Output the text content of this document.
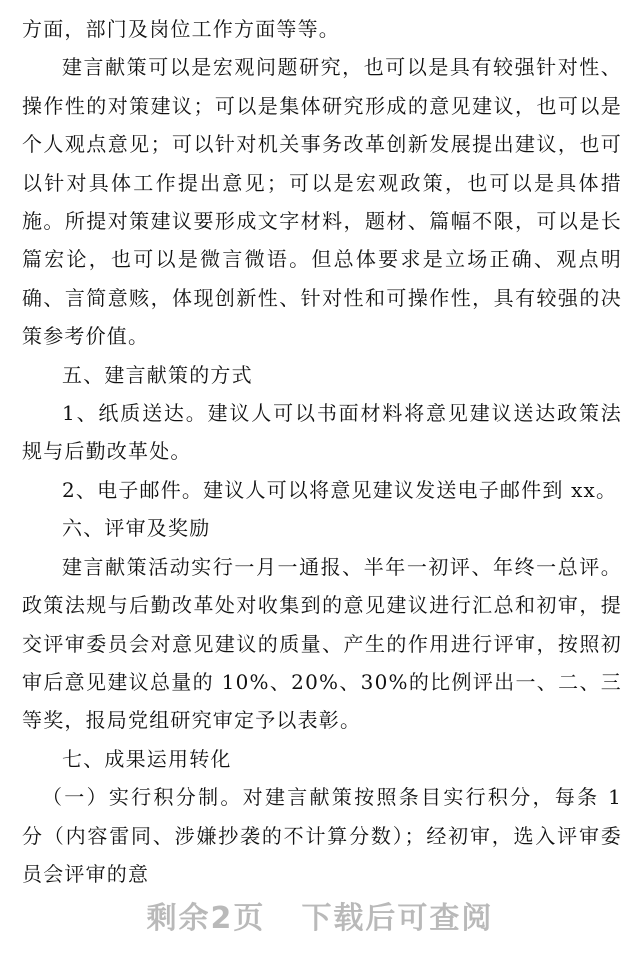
方面，部门及岗位工作方面等等。

建言献策可以是宏观问题研究，也可以是具有较强针对性、操作性的对策建议；可以是集体研究形成的意见建议，也可以是个人观点意见；可以针对机关事务改革创新发展提出建议，也可以针对具体工作提出意见；可以是宏观政策，也可以是具体措施。所提对策建议要形成文字材料，题材、篇幅不限，可以是长篇宏论，也可以是微言微语。但总体要求是立场正确、观点明确、言简意赅，体现创新性、针对性和可操作性，具有较强的决策参考价值。

五、建言献策的方式

1、纸质送达。建议人可以书面材料将意见建议送达政策法规与后勤改革处。

2、电子邮件。建议人可以将意见建议发送电子邮件到 xx。

六、评审及奖励

建言献策活动实行一月一通报、半年一初评、年终一总评。政策法规与后勤改革处对收集到的意见建议进行汇总和初审，提交评审委员会对意见建议的质量、产生的作用进行评审，按照初审后意见建议总量的 10%、20%、30%的比例评出一、二、三等奖，报局党组研究审定予以表彰。

七、成果运用转化

（一）实行积分制。对建言献策按照条目实行积分，每条 1 分（内容雷同、涉嫌抄袭的不计算分数）；经初审，选入评审委员会评审的意

剩余2页 下载后可查阅
